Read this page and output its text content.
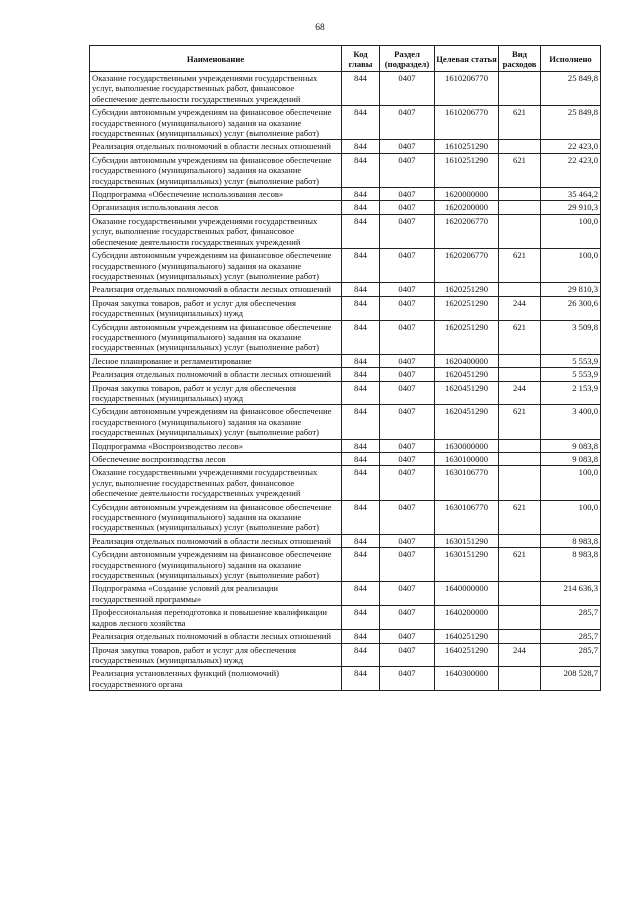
68
Наименование	Код главы	Раздел (подраздел)	Целевая статья	Вид расходов	Исполнено
Оказание государственными учреждениями государственных услуг, выполнение государственных работ, финансовое обеспечение деятельности государственных учреждений	844	0407	1610206770		25 849,8
Субсидии автономным учреждениям на финансовое обеспечение государственного (муниципального) задания на оказание государственных (муниципальных) услуг (выполнение работ)	844	0407	1610206770	621	25 849,8
Реализация отдельных полномочий в области лесных отношений	844	0407	1610251290		22 423,0
Субсидии автономным учреждениям на финансовое обеспечение государственного (муниципального) задания на оказание государственных (муниципальных) услуг (выполнение работ)	844	0407	1610251290	621	22 423,0
Подпрограмма «Обеспечение использования лесов»	844	0407	1620000000		35 464,2
Организация использования лесов	844	0407	1620200000		29 910,3
Оказание государственными учреждениями государственных услуг, выполнение государственных работ, финансовое обеспечение деятельности государственных учреждений	844	0407	1620206770		100,0
Субсидии автономным учреждениям на финансовое обеспечение государственного (муниципального) задания на оказание государственных (муниципальных) услуг (выполнение работ)	844	0407	1620206770	621	100,0
Реализация отдельных полномочий в области лесных отношений	844	0407	1620251290		29 810,3
Прочая закупка товаров, работ и услуг для обеспечения государственных (муниципальных) нужд	844	0407	1620251290	244	26 300,6
Субсидии автономным учреждениям на финансовое обеспечение государственного (муниципального) задания на оказание государственных (муниципальных) услуг (выполнение работ)	844	0407	1620251290	621	3 509,8
Лесное планирование и регламентирование	844	0407	1620400000		5 553,9
Реализация отдельных полномочий в области лесных отношений	844	0407	1620451290		5 553,9
Прочая закупка товаров, работ и услуг для обеспечения государственных (муниципальных) нужд	844	0407	1620451290	244	2 153,9
Субсидии автономным учреждениям на финансовое обеспечение государственного (муниципального) задания на оказание государственных (муниципальных) услуг (выполнение работ)	844	0407	1620451290	621	3 400,0
Подпрограмма «Воспроизводство лесов»	844	0407	1630000000		9 083,8
Обеспечение воспроизводства лесов	844	0407	1630100000		9 083,8
Оказание государственными учреждениями государственных услуг, выполнение государственных работ, финансовое обеспечение деятельности государственных учреждений	844	0407	1630106770		100,0
Субсидии автономным учреждениям на финансовое обеспечение государственного (муниципального) задания на оказание государственных (муниципальных) услуг (выполнение работ)	844	0407	1630106770	621	100,0
Реализация отдельных полномочий в области лесных отношений	844	0407	1630151290		8 983,8
Субсидии автономным учреждениям на финансовое обеспечение государственного (муниципального) задания на оказание государственных (муниципальных) услуг (выполнение работ)	844	0407	1630151290	621	8 983,8
Подпрограмма «Создание условий для реализации государственной программы»	844	0407	1640000000		214 636,3
Профессиональная переподготовка и повышение квалификации кадров лесного хозяйства	844	0407	1640200000		285,7
Реализация отдельных полномочий в области лесных отношений	844	0407	1640251290		285,7
Прочая закупка товаров, работ и услуг для обеспечения государственных (муниципальных) нужд	844	0407	1640251290	244	285,7
Реализация установленных функций (полномочий) государственного органа	844	0407	1640300000		208 528,7
